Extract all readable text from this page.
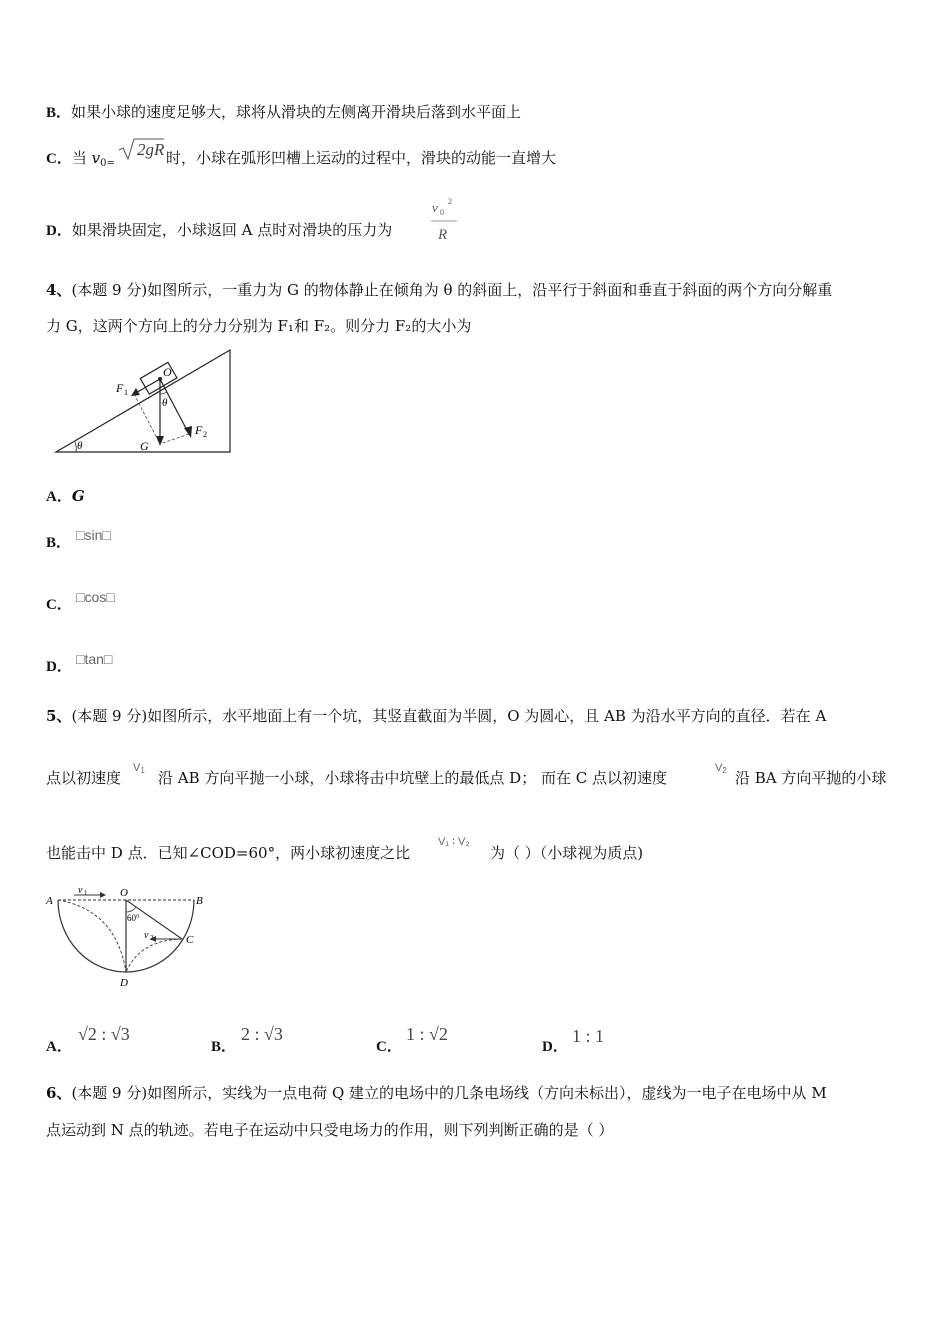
B．如果小球的速度足够大，球将从滑块的左侧离开滑块后落到水平面上
C．当 $v_{0=}$
2gR 时，小球在弧形凹槽上运动的过程中，滑块的动能一直增大
D．如果滑块固定，小球返回 A 点时对滑块的压力为
v 0
2
R
4、(本题 9 分)如图所示，一重力为 G 的物体静止在倾角为 θ 的斜面上，沿平行于斜面和垂直于斜面的两个方向分解重
力 G，这两个方向上的分力分别为 F₁和 F₂。则分力 F₂的大小为
θ
O
G
F 2
F 1
θ
A．G
B． □sin□
C． □cos□
D． □tan□
5、(本题 9 分)如图所示，水平地面上有一个坑，其竖直截面为半圆，O 为圆心，且 AB 为沿水平方向的直径．若在 A
点以初速度
V1 沿 AB 方向平抛一小球，小球将击中坑壁上的最低点 D； 而在 C 点以初速度
V2 沿 BA 方向平抛的小球
也能击中 D 点．已知∠COD=60°，两小球初速度之比
V₁ ∶ V₂
为（ ）（小球视为质点)
v 1
v 2
60°
A
O
B
C
D
A．
√2 : √3
B．
2 : √3
C．
1 : √2
D．
1 : 1
6、(本题 9 分)如图所示，实线为一点电荷 Q 建立的电场中的几条电场线（方向未标出），虚线为一电子在电场中从 M
点运动到 N 点的轨迹。若电子在运动中只受电场力的作用，则下列判断正确的是（ ）
